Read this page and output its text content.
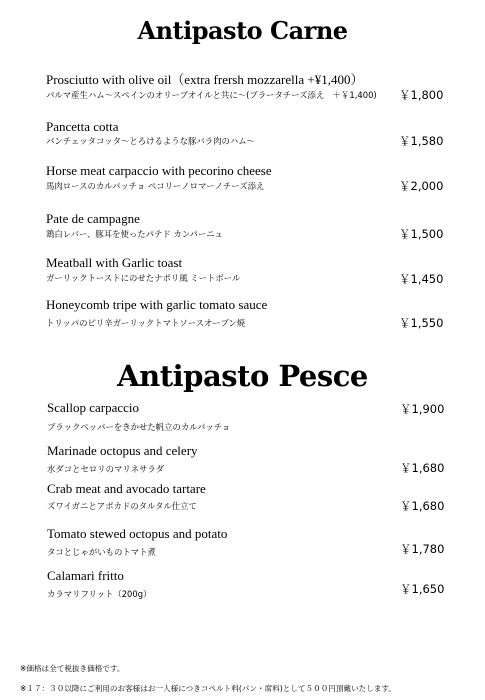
Antipasto Carne
Prosciutto with olive oil（extra frersh mozzarella +¥1,400）
パルマ産生ハム～スペインのオリーブオイルと共に～(ブラータチーズ添え　＋￥1,400) ￥1,800
Pancetta cotta
パンチェッタコッタ～とろけるような豚バラ肉のハム～	￥1,580
Horse meat carpaccio with pecorino cheese
馬肉ロースのカルパッチョ ペコリーノロマーノチーズ添え	￥2,000
Pate de campagne
鶏白レバー、豚耳を使ったパテド カンパーニュ	￥1,500
Meatball with Garlic toast
ガーリックトーストにのせたナポリ風 ミートボール	￥1,450
Honeycomb tripe with garlic tomato sauce
トリッパのピリ辛ガーリックトマトソースオーブン焼	￥1,550
Antipasto Pesce
Scallop carpaccio
ブラックペッパーをきかせた帆立のカルパッチョ
￥1,900
Marinade octopus and celery
水ダコとセロリのマリネサラダ	￥1,680
Crab meat and avocado tartare
ズワイガニとアボカドのタルタル仕立て	￥1,680
Tomato stewed octopus and potato
タコとじゃがいものトマト煮	￥1,780
Calamari fritto
カラマリフリット（200g）	￥1,650
※価格は全て税抜き価格です。
※１７：３０以降にご利用のお客様はお一人様につきコペルト料(パン・席料)として５００円頂戴いたします。
